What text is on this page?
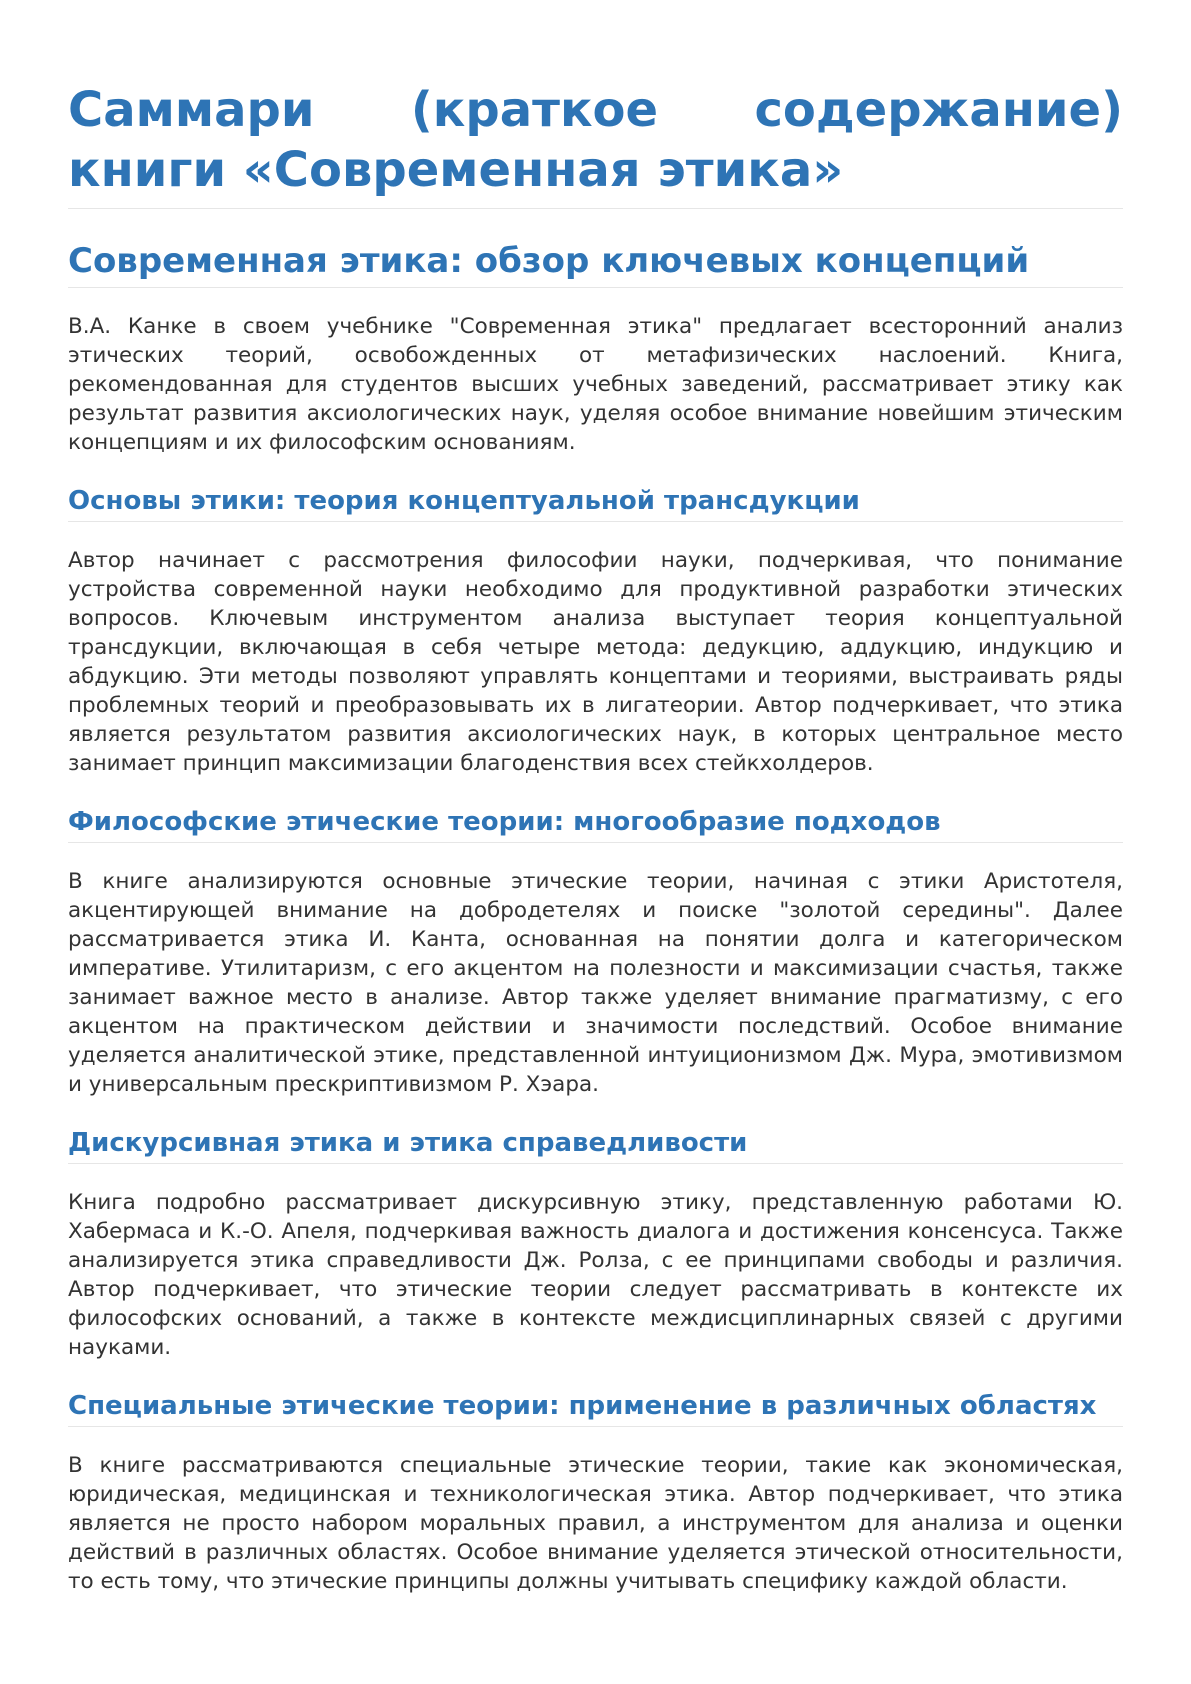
Саммари (краткое содержание) книги «Современная этика»
Современная этика: обзор ключевых концепций

В.А. Канке в своем учебнике "Современная этика" предлагает всесторонний анализ этических теорий, освобожденных от метафизических наслоений. Книга, рекомендованная для студентов высших учебных заведений, рассматривает этику как результат развития аксиологических наук, уделяя особое внимание новейшим этическим концепциям и их философским основаниям.

Основы этики: теория концептуальной трансдукции

Автор начинает с рассмотрения философии науки, подчеркивая, что понимание устройства современной науки необходимо для продуктивной разработки этических вопросов. Ключевым инструментом анализа выступает теория концептуальной трансдукции, включающая в себя четыре метода: дедукцию, аддукцию, индукцию и абдукцию. Эти методы позволяют управлять концептами и теориями, выстраивать ряды проблемных теорий и преобразовывать их в лигатеории. Автор подчеркивает, что этика является результатом развития аксиологических наук, в которых центральное место занимает принцип максимизации благоденствия всех стейкхолдеров.

Философские этические теории: многообразие подходов

В книге анализируются основные этические теории, начиная с этики Аристотеля, акцентирующей внимание на добродетелях и поиске "золотой середины". Далее рассматривается этика И. Канта, основанная на понятии долга и категорическом императиве. Утилитаризм, с его акцентом на полезности и максимизации счастья, также занимает важное место в анализе. Автор также уделяет внимание прагматизму, с его акцентом на практическом действии и значимости последствий. Особое внимание уделяется аналитической этике, представленной интуиционизмом Дж. Мура, эмотивизмом и универсальным прескриптивизмом Р. Хэара.

Дискурсивная этика и этика справедливости

Книга подробно рассматривает дискурсивную этику, представленную работами Ю. Хабермаса и К.-О. Апеля, подчеркивая важность диалога и достижения консенсуса. Также анализируется этика справедливости Дж. Ролза, с ее принципами свободы и различия. Автор подчеркивает, что этические теории следует рассматривать в контексте их философских оснований, а также в контексте междисциплинарных связей с другими науками.

Специальные этические теории: применение в различных областях

В книге рассматриваются специальные этические теории, такие как экономическая, юридическая, медицинская и техникологическая этика. Автор подчеркивает, что этика является не просто набором моральных правил, а инструментом для анализа и оценки действий в различных областях. Особое внимание уделяется этической относительности, то есть тому, что этические принципы должны учитывать специфику каждой области.
